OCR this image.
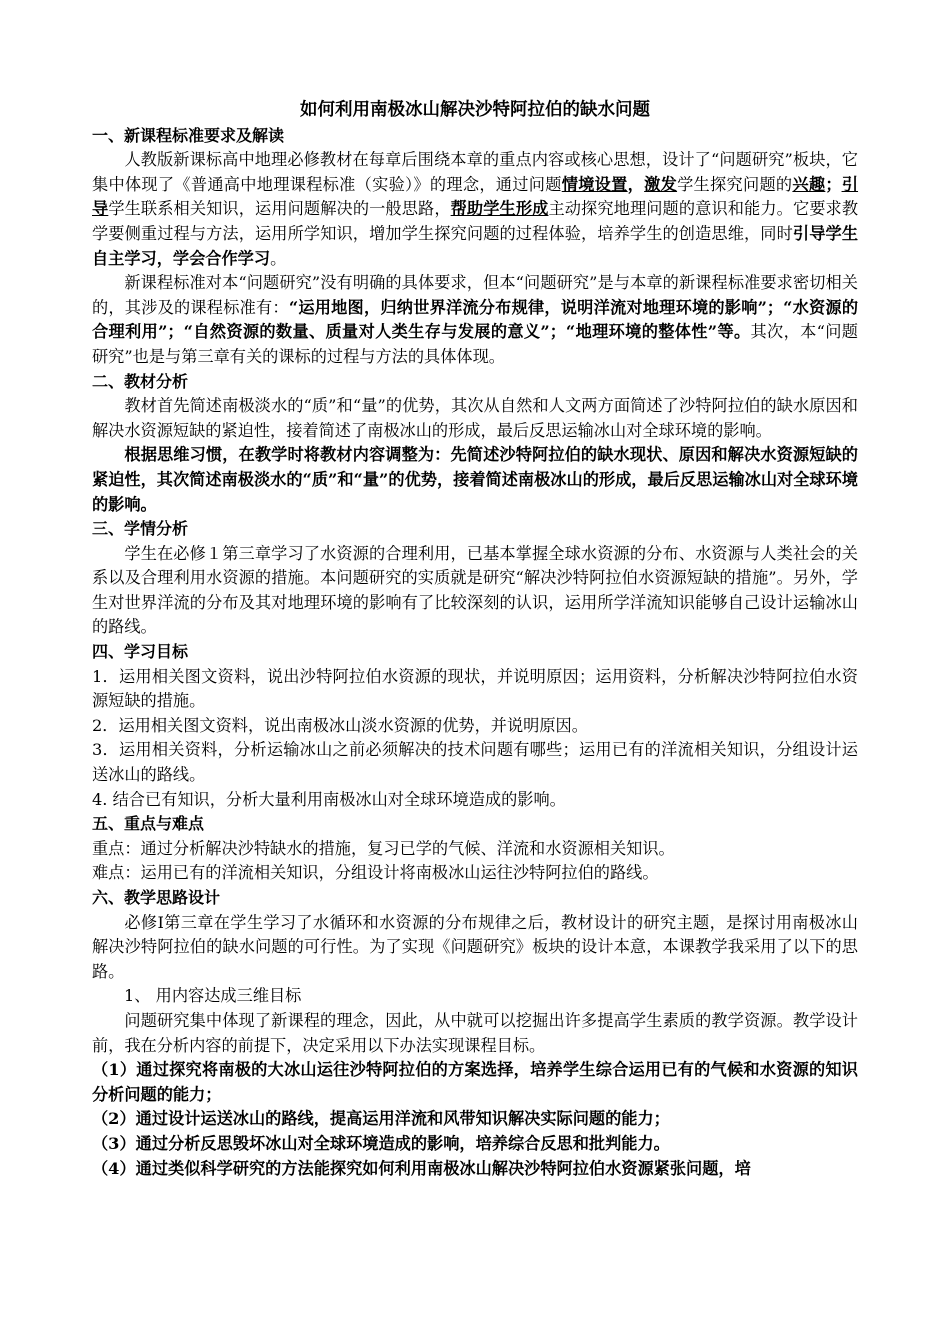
如何利用南极冰山解决沙特阿拉伯的缺水问题

一、新课程标准要求及解读

人教版新课标高中地理必修教材在每章后围绕本章的重点内容或核心思想，设计了“问题研究”板块，它集中体现了《普通高中地理课程标准（实验）》的理念，通过问题情境设置，激发学生探究问题的兴趣；引导学生联系相关知识，运用问题解决的一般思路，帮助学生形成主动探究地理问题的意识和能力。它要求教学要侧重过程与方法，运用所学知识，增加学生探究问题的过程体验，培养学生的创造思维，同时引导学生自主学习，学会合作学习。

新课程标准对本“问题研究”没有明确的具体要求，但本“问题研究”是与本章的新课程标准要求密切相关的，其涉及的课程标准有：“运用地图，归纳世界洋流分布规律，说明洋流对地理环境的影响”；“水资源的合理利用”；“自然资源的数量、质量对人类生存与发展的意义”；“地理环境的整体性”等。其次，本“问题研究”也是与第三章有关的课标的过程与方法的具体体现。

二、教材分析

教材首先简述南极淡水的“质”和“量”的优势，其次从自然和人文两方面简述了沙特阿拉伯的缺水原因和解决水资源短缺的紧迫性，接着简述了南极冰山的形成，最后反思运输冰山对全球环境的影响。

根据思维习惯，在教学时将教材内容调整为：先简述沙特阿拉伯的缺水现状、原因和解决水资源短缺的紧迫性，其次简述南极淡水的“质”和“量”的优势，接着简述南极冰山的形成，最后反思运输冰山对全球环境的影响。

三、学情分析

学生在必修１第三章学习了水资源的合理利用，已基本掌握全球水资源的分布、水资源与人类社会的关系以及合理利用水资源的措施。本问题研究的实质就是研究“解决沙特阿拉伯水资源短缺的措施”。另外，学生对世界洋流的分布及其对地理环境的影响有了比较深刻的认识，运用所学洋流知识能够自己设计运输冰山的路线。

四、学习目标

1．运用相关图文资料，说出沙特阿拉伯水资源的现状，并说明原因；运用资料，分析解决沙特阿拉伯水资源短缺的措施。

2．运用相关图文资料，说出南极冰山淡水资源的优势，并说明原因。

3．运用相关资料，分析运输冰山之前必须解决的技术问题有哪些；运用已有的洋流相关知识，分组设计运送冰山的路线。

4. 结合已有知识，分析大量利用南极冰山对全球环境造成的影响。

五、重点与难点

重点：通过分析解决沙特缺水的措施，复习已学的气候、洋流和水资源相关知识。

难点：运用已有的洋流相关知识，分组设计将南极冰山运往沙特阿拉伯的路线。

六、教学思路设计

必修Ⅰ第三章在学生学习了水循环和水资源的分布规律之后，教材设计的研究主题，是探讨用南极冰山解决沙特阿拉伯的缺水问题的可行性。为了实现《问题研究》板块的设计本意，本课教学我采用了以下的思路。

1、 用内容达成三维目标

问题研究集中体现了新课程的理念，因此，从中就可以挖掘出许多提高学生素质的教学资源。教学设计前，我在分析内容的前提下，决定采用以下办法实现课程目标。

（1）通过探究将南极的大冰山运往沙特阿拉伯的方案选择，培养学生综合运用已有的气候和水资源的知识分析问题的能力；

（2）通过设计运送冰山的路线，提高运用洋流和风带知识解决实际问题的能力；

（3）通过分析反思毁坏冰山对全球环境造成的影响，培养综合反思和批判能力。

（4）通过类似科学研究的方法能探究如何利用南极冰山解决沙特阿拉伯水资源紧张问题，培
